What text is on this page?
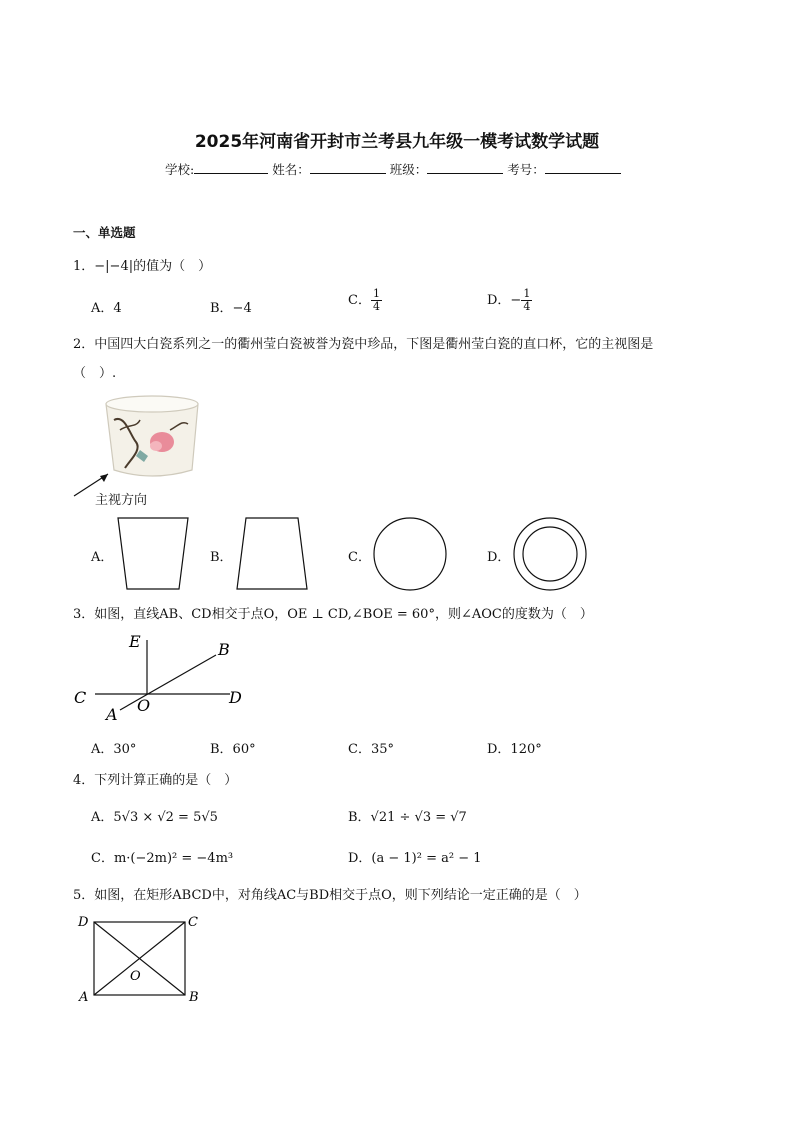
2025年河南省开封市兰考县九年级一模考试数学试题
学校:	姓名：	班级：	考号：
一、单选题
1．−|−4|的值为（　）
A．4	B．−4
C． $\frac{1}{4}$	D．− $\frac{1}{4}$
2．中国四大白瓷系列之一的衢州莹白瓷被誉为瓷中珍品，下图是衢州莹白瓷的直口杯，它的主视图是
（　）.
主视方向
A．	B．	C．	D．
3．如图，直线AB、CD相交于点O，OE ⊥ CD,∠BOE = 60°，则∠AOC的度数为（　）
E	B
C	D
A O
A．30°	B．60°	C．35°	D．120°
4．下列计算正确的是（　）
A．5√3 × √2 = 5√5	B．√21 ÷ √3 = √7
C．m·(−2m)² = −4m³	D．(a − 1)² = a² − 1
5．如图，在矩形ABCD中，对角线AC与BD相交于点O，则下列结论一定正确的是（　）
D	C
O
A	B
